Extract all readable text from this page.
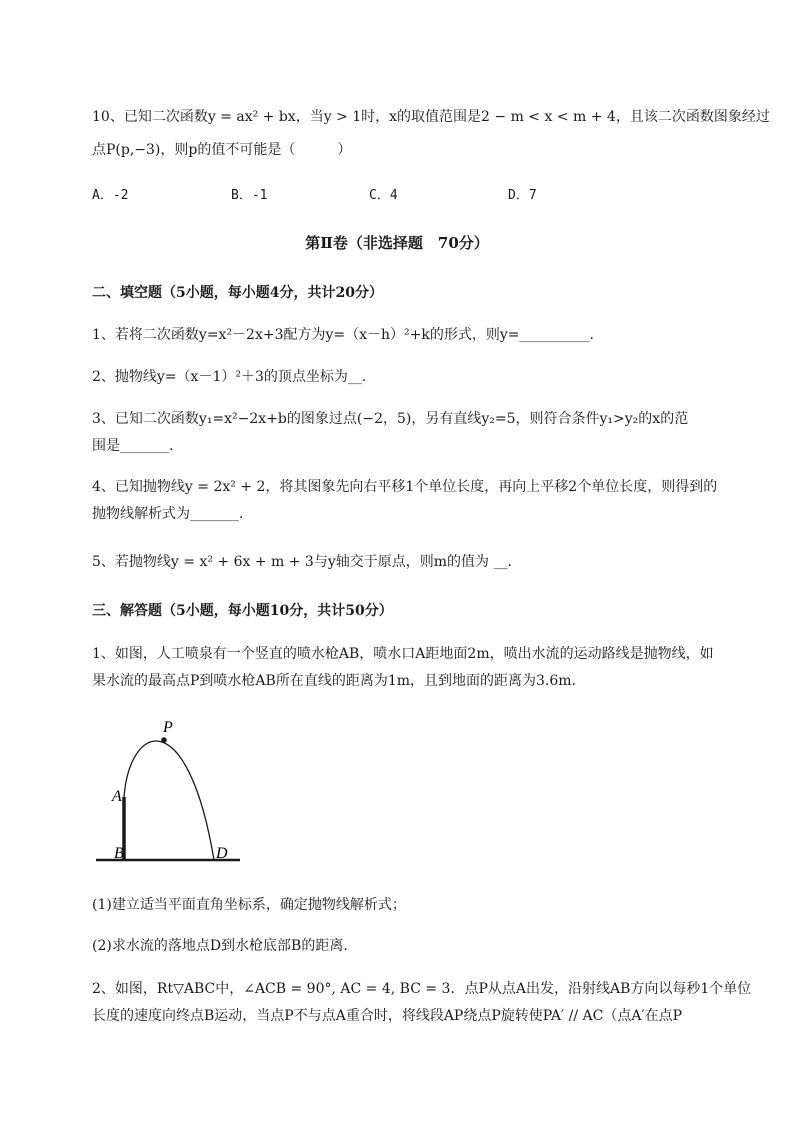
10、已知二次函数y = ax² + bx，当y > 1时，x的取值范围是2 − m < x < m + 4，且该二次函数图象经过
点P(p,−3)，则p的值不可能是（　　　）
A．-2	B．-1	C．4	D．7
第Ⅱ卷（非选择题　70分）
二、填空题（5小题，每小题4分，共计20分）
1、若将二次函数y=x²－2x+3配方为y=（x－h）²+k的形式，则y=__________.
2、抛物线y=（x－1）²＋3的顶点坐标为__.
3、已知二次函数y₁=x²−2x+b的图象过点(−2，5)，另有直线y₂=5，则符合条件y₁>y₂的x的范
围是_______.
4、已知抛物线y = 2x² + 2，将其图象先向右平移1个单位长度，再向上平移2个单位长度，则得到的
抛物线解析式为_______.
5、若抛物线y = x² + 6x + m + 3与y轴交于原点，则m的值为 __.
三、解答题（5小题，每小题10分，共计50分）
1、如图，人工喷泉有一个竖直的喷水枪AB，喷水口A距地面2m，喷出水流的运动路线是抛物线，如
果水流的最高点P到喷水枪AB所在直线的距离为1m，且到地面的距离为3.6m.
P
A
B	D
(1)建立适当平面直角坐标系，确定抛物线解析式；
(2)求水流的落地点D到水枪底部B的距离.
2、如图，Rt▽ABC中，∠ACB = 90°, AC = 4, BC = 3．点P从点A出发，沿射线AB方向以每秒1个单位
长度的速度向终点B运动，当点P不与点A重合时，将线段AP绕点P旋转使PA′ // AC（点A′在点P
